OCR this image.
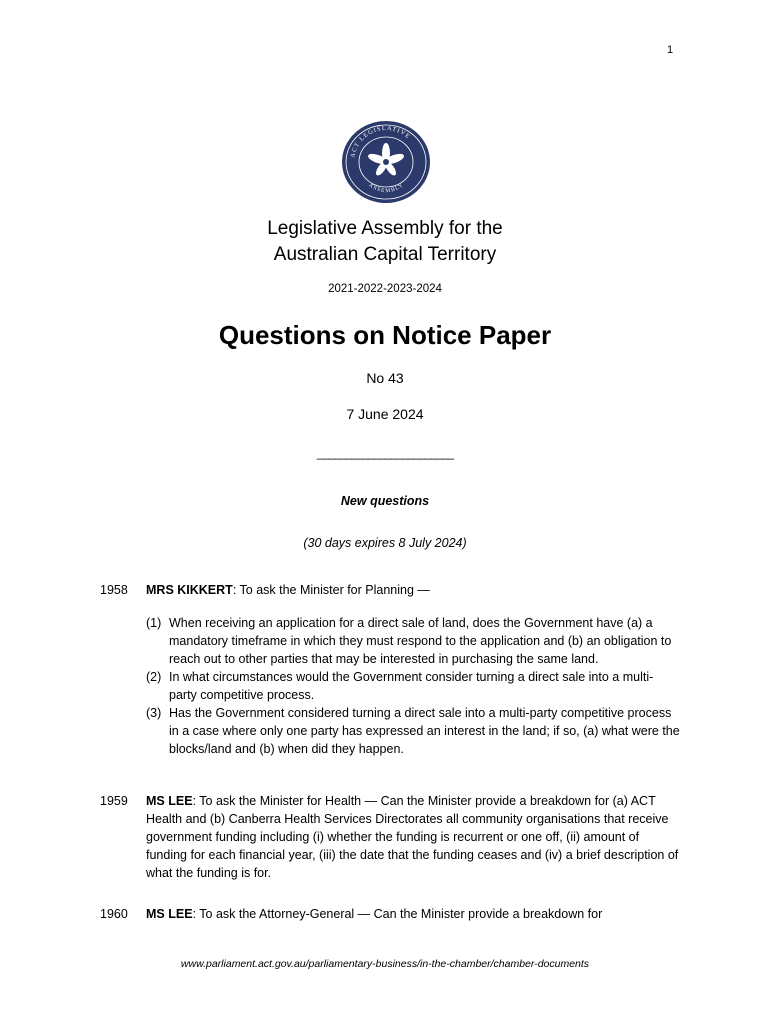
1
ACT LEGISLATIVE
ASSEMBLY
Legislative Assembly for the
Australian Capital Territory
2021-2022-2023-2024
Questions on Notice Paper
No 43
7 June 2024
________________________
New questions
(30 days expires 8 July 2024)
1958 MRS KIKKERT: To ask the Minister for Planning —
(1) When receiving an application for a direct sale of land, does the Government have (a) a mandatory timeframe in which they must respond to the application and (b) an obligation to reach out to other parties that may be interested in purchasing the same land.
(2) In what circumstances would the Government consider turning a direct sale into a multi-party competitive process.
(3) Has the Government considered turning a direct sale into a multi-party competitive process in a case where only one party has expressed an interest in the land; if so, (a) what were the blocks/land and (b) when did they happen.
1959 MS LEE: To ask the Minister for Health — Can the Minister provide a breakdown for (a) ACT Health and (b) Canberra Health Services Directorates all community organisations that receive government funding including (i) whether the funding is recurrent or one off, (ii) amount of funding for each financial year, (iii) the date that the funding ceases and (iv) a brief description of what the funding is for.
1960 MS LEE: To ask the Attorney-General — Can the Minister provide a breakdown for
www.parliament.act.gov.au/parliamentary-business/in-the-chamber/chamber-documents
